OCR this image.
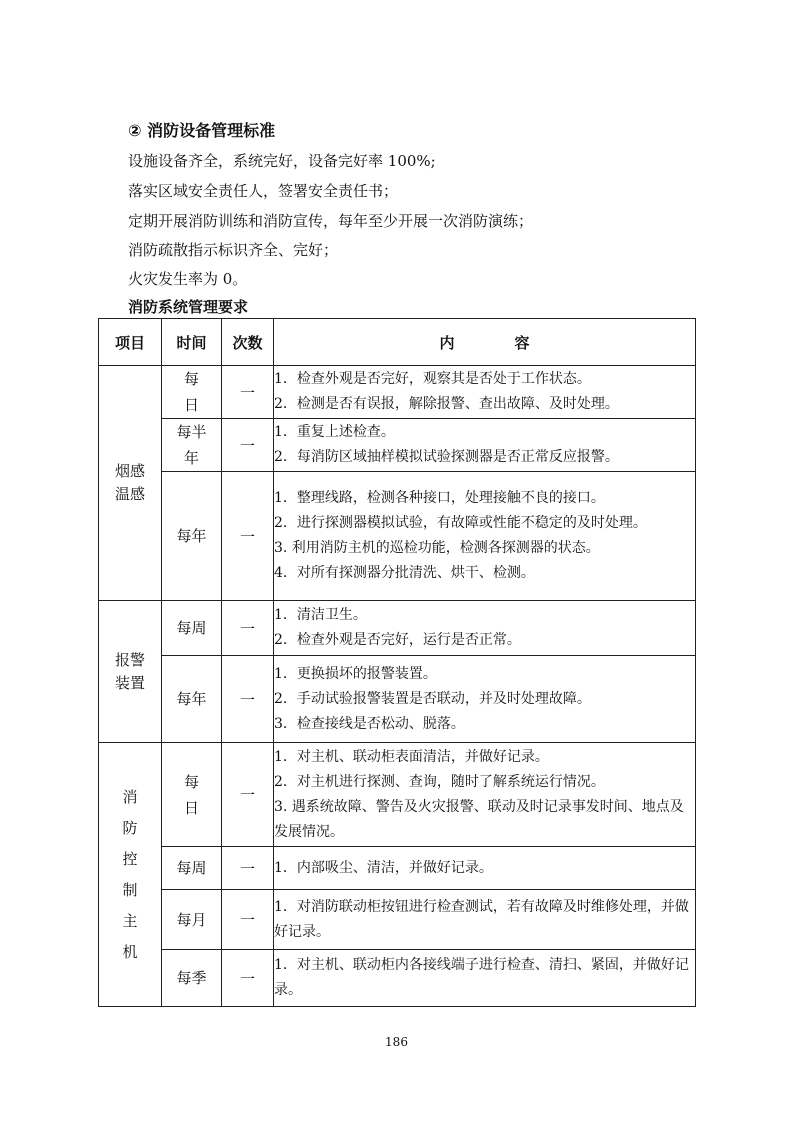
② 消防设备管理标准
设施设备齐全，系统完好，设备完好率 100%;
落实区域安全责任人，签署安全责任书；
定期开展消防训练和消防宣传，每年至少开展一次消防演练；
消防疏散指示标识齐全、完好；
火灾发生率为 0。
消防系统管理要求
项目	时间	次数	内　　　　容
烟感温感	每日	一	1．检查外观是否完好，观察其是否处于工作状态。
2．检测是否有误报，解除报警、查出故障、及时处理。

	每半年	一	1．重复上述检查。
2．每消防区域抽样模拟试验探测器是否正常反应报警。

	每年	一	1．整理线路，检测各种接口，处理接触不良的接口。
2．进行探测器模拟试验，有故障或性能不稳定的及时处理。
3. 利用消防主机的巡检功能，检测各探测器的状态。
4．对所有探测器分批清洗、烘干、检测。

报警装置	每周	一	1．清洁卫生。
2．检查外观是否完好，运行是否正常。

	每年	一	1．更换损坏的报警装置。
2．手动试验报警装置是否联动，并及时处理故障。
3．检查接线是否松动、脱落。

消防控制主机	每日	一	1．对主机、联动柜表面清洁，并做好记录。
2．对主机进行探测、查询，随时了解系统运行情况。
3. 遇系统故障、警告及火灾报警、联动及时记录事发时间、地点及发展情况。

	每周	一	1．内部吸尘、清洁，并做好记录。

	每月	一	1．对消防联动柜按钮进行检查测试，若有故障及时维修处理，并做好记录。

	每季	一	1．对主机、联动柜内各接线端子进行检查、清扫、紧固，并做好记录。
186
